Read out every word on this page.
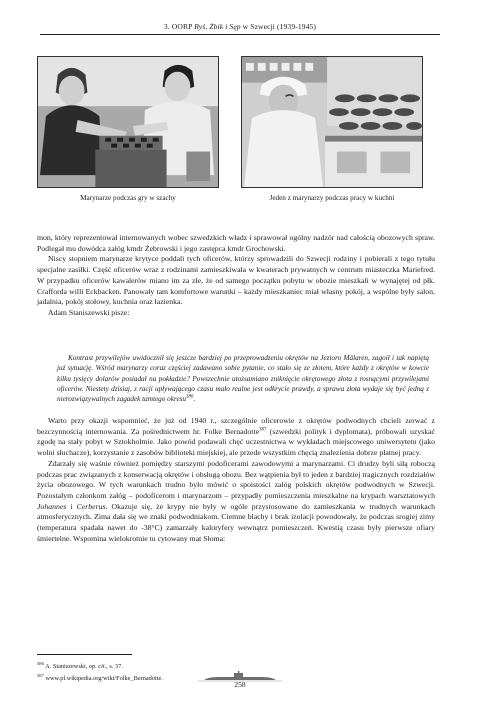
3. OORP Ryś, Żbik i Sęp w Szwecji (1939-1945)
Marynarze podczas gry w szachy	Jeden z marynarzy podczas pracy w kuchni

mon, który reprezentował internowanych wobec szwedzkich władz i sprawował ogólny nadzór nad całością obozowych spraw. Podlegał mu dowódca załóg kmdr Żebrowski i jego zastępca kmdr Grochowski.

Niscy stopniem marynarze krytyce poddali tych oficerów, którzy sprowadzili do Szwecji rodziny i pobierali z tego tytułu specjalne zasiłki. Część oficerów wraz z rodzinami zamieszkiwała w kwaterach prywatnych w centrum miasteczka Mariefred. W przypadku oficerów kawalerów miano im za złe, że od samego początku pobytu w obozie mieszkali w wynajętej od płk. Crafforda willi Eckbacken. Panowały tam komfortowe warunki – każdy mieszkaniec miał własny pokój, a wspólne były salon, jadalnia, pokój stołowy, kuchnia oraz łazienka.

Adam Staniszewski pisze:

Kontrast przywilejów uwidocznił się jeszcze bardziej po przeprowadzeniu okrętów na Jezioro Mälaren, zagoił i tak napiętą już sytuację. Wśród marynarzy coraz częściej zadawano sobie pytanie, co stało się ze złotem, które każdy z okrętów w kowcie kilku tysięcy dolarów posiadał na pokładzie? Powszechnie utożsamiano zniknięcie okrętowego złota z rosnącymi przywilejami oficerów. Niestety dzisiaj, z racji upływającego czasu mało realne jest odkrycie prawdy, a sprawa złota wydaje się być jedną z nierozwiązywalnych zagadek tamtego okresu$^{386}$.

Warto przy okazji wspomnieć, że już od 1940 r., szczególnie oficerowie z okrętów podwodnych chcieli zerwać z bezczynnością internowania. Za pośrednictwem hr. Folke Bernadotte$^{387}$ (szwedzki polityk i dyplomata), próbowali uzyskać zgodę na stały pobyt w Sztokholmie. Jako powód podawali chęć uczestnictwa w wykładach miejscowego uniwersytetu (jako wolni słuchacze), korzystanie z zasobów biblioteki miejskiej, ale przede wszystkim chęcią znalezienia dobrze płatnej pracy.

Zdarzały się waśnie również pomiędzy starszymi podoficerami zawodowymi a marynarzami. Ci drudzy byli siłą roboczą podczas prac związanych z konserwacją okrętów i obsługą obozu. Bez wątpienia był to jeden z bardziej tragicznych rozdziałów życia obozowego. W tych warunkach trudno było mówić o spoistości załóg polskich okrętów podwodnych w Szwecji. Pozostałym członkom załóg – podoficerom i marynarzom – przypadły pomieszczenia mieszkalne na krypach warsztatowych Johannes i Cerberus. Okazuje się, że krypy nie były w ogóle przystosowane do zamieszkania w trudnych warunkach atmosferycznych. Zima dała się we znaki podwodniakom. Ciemne blachy i brak izolacji powodowały, że podczas srogiej zimy (temperatura spadała nawet do -38°C) zamarzały kaloryfery wewnątrz pomieszczeń. Kwestią czasu były pierwsze ofiary śmiertelne. Wspomina wielokrotnie tu cytowany mat Słoma:

$^{386}$ A. Staniszewski, op. cit., s. 37.
$^{387}$ www.pl.wikipedia.org/wiki/Folke_Bernadotte.
258
